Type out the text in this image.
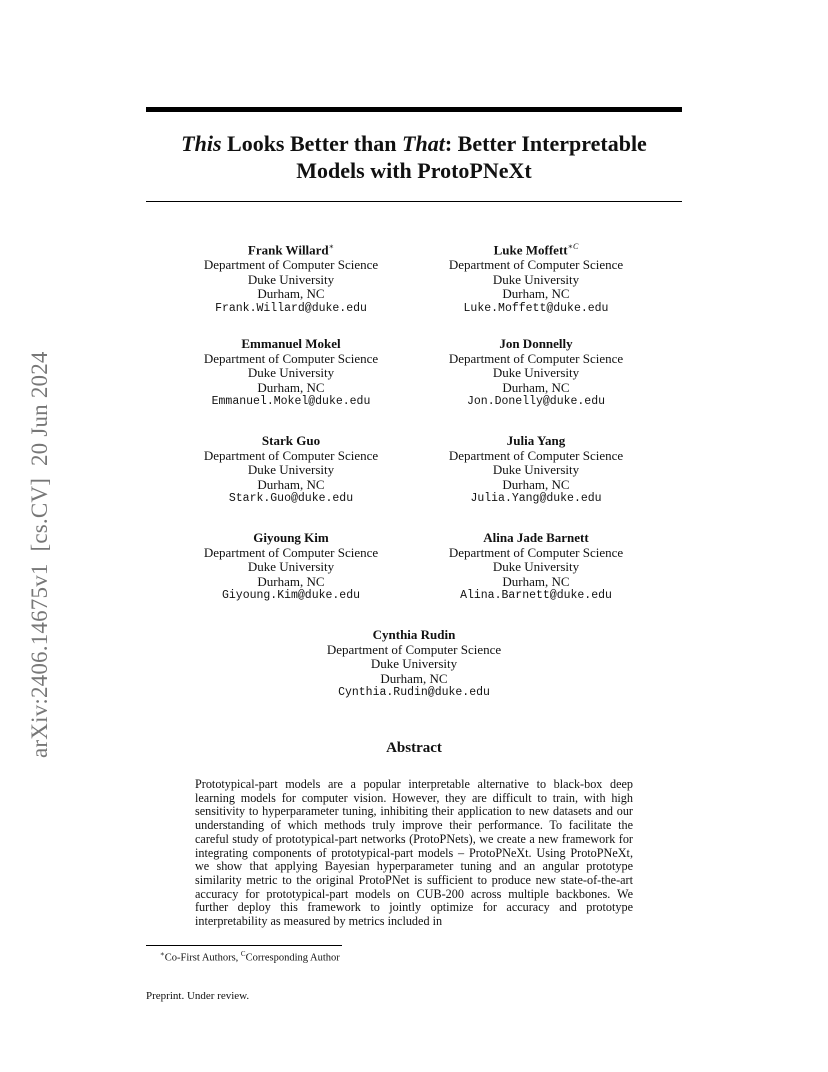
arXiv:2406.14675v1  [cs.CV]  20 Jun 2024
This Looks Better than That: Better Interpretable
Models with ProtoPNeXt
Frank Willard∗
Department of Computer Science
Duke University
Durham, NC
Frank.Willard@duke.edu
Luke Moffett$^{∗C}$
Department of Computer Science
Duke University
Durham, NC
Luke.Moffett@duke.edu
Emmanuel Mokel
Department of Computer Science
Duke University
Durham, NC
Emmanuel.Mokel@duke.edu
Jon Donnelly
Department of Computer Science
Duke University
Durham, NC
Jon.Donelly@duke.edu
Stark Guo
Department of Computer Science
Duke University
Durham, NC
Stark.Guo@duke.edu
Julia Yang
Department of Computer Science
Duke University
Durham, NC
Julia.Yang@duke.edu
Giyoung Kim
Department of Computer Science
Duke University
Durham, NC
Giyoung.Kim@duke.edu
Alina Jade Barnett
Department of Computer Science
Duke University
Durham, NC
Alina.Barnett@duke.edu
Cynthia Rudin
Department of Computer Science
Duke University
Durham, NC
Cynthia.Rudin@duke.edu
Abstract

Prototypical-part models are a popular interpretable alternative to black-box deep learning models for computer vision. However, they are difficult to train, with high sensitivity to hyperparameter tuning, inhibiting their application to new datasets and our understanding of which methods truly improve their performance. To facilitate the careful study of prototypical-part networks (ProtoPNets), we create a new framework for integrating components of prototypical-part models – ProtoPNeXt. Using ProtoPNeXt, we show that applying Bayesian hyperparameter tuning and an angular prototype similarity metric to the original ProtoPNet is sufficient to produce new state-of-the-art accuracy for prototypical-part models on CUB-200 across multiple backbones. We further deploy this framework to jointly optimize for accuracy and prototype interpretability as measured by metrics included in

∗Co-First Authors, $^C$Corresponding Author
Preprint. Under review.
